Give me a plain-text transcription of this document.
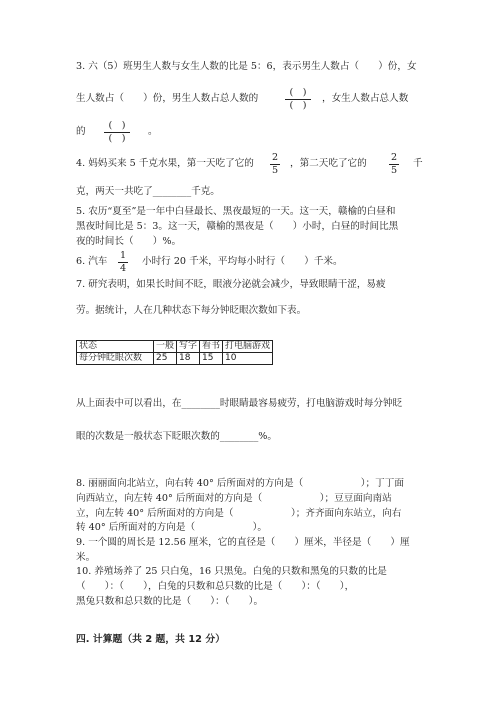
3. 六（5）班男生人数与女生人数的比是 5：6，表示男生人数占（　　）份，女
生人数占（　　）份，男生人数占总人数的
(　)
(　)
，女生人数占总人数
的
(　)
(　)
。
4. 妈妈买来 5 千克水果，第一天吃了它的
2
5
，第二天吃了它的
2
5
千
克，两天一共吃了________千克。
5. 农历“夏至”是一年中白昼最长、黑夜最短的一天。这一天，赣榆的白昼和
黑夜时间比是 5：3。这一天，赣榆的黑夜是（　　）小时，白昼的时间比黑
夜的时间长（　　）%。
6. 汽车
1
4
小时行 20 千米，平均每小时行（　　）千米。
7. 研究表明，如果长时间不眨，眼液分泌就会减少，导致眼睛干涩，易疲
劳。据统计，人在几种状态下每分钟眨眼次数如下表。
状态	一般	写字	看书	打电脑游戏
每分钟眨眼次数	25	18	15	10
从上面表中可以看出，在________时眼睛最容易疲劳，打电脑游戏时每分钟眨
眼的次数是一般状态下眨眼次数的________%。
8. 丽丽面向北站立，向右转 40° 后所面对的方向是（　　　　　　）；丁丁面
向西站立，向左转 40° 后所面对的方向是（　　　　　　）；豆豆面向南站
立，向左转 40° 后所面对的方向是（　　　　　　）；齐齐面向东站立，向右
转 40° 后所面对的方向是（　　　　　　）。
9. 一个圆的周长是 12.56 厘米，它的直径是（　　）厘米，半径是（　　）厘
米。
10. 养殖场养了 25 只白兔，16 只黑兔。白兔的只数和黑兔的只数的比是
（　　）：（　　），白兔的只数和总只数的比是（　　）：（　　），
黑兔只数和总只数的比是（　　）：（　　）。
四. 计算题（共 2 题，共 12 分）
